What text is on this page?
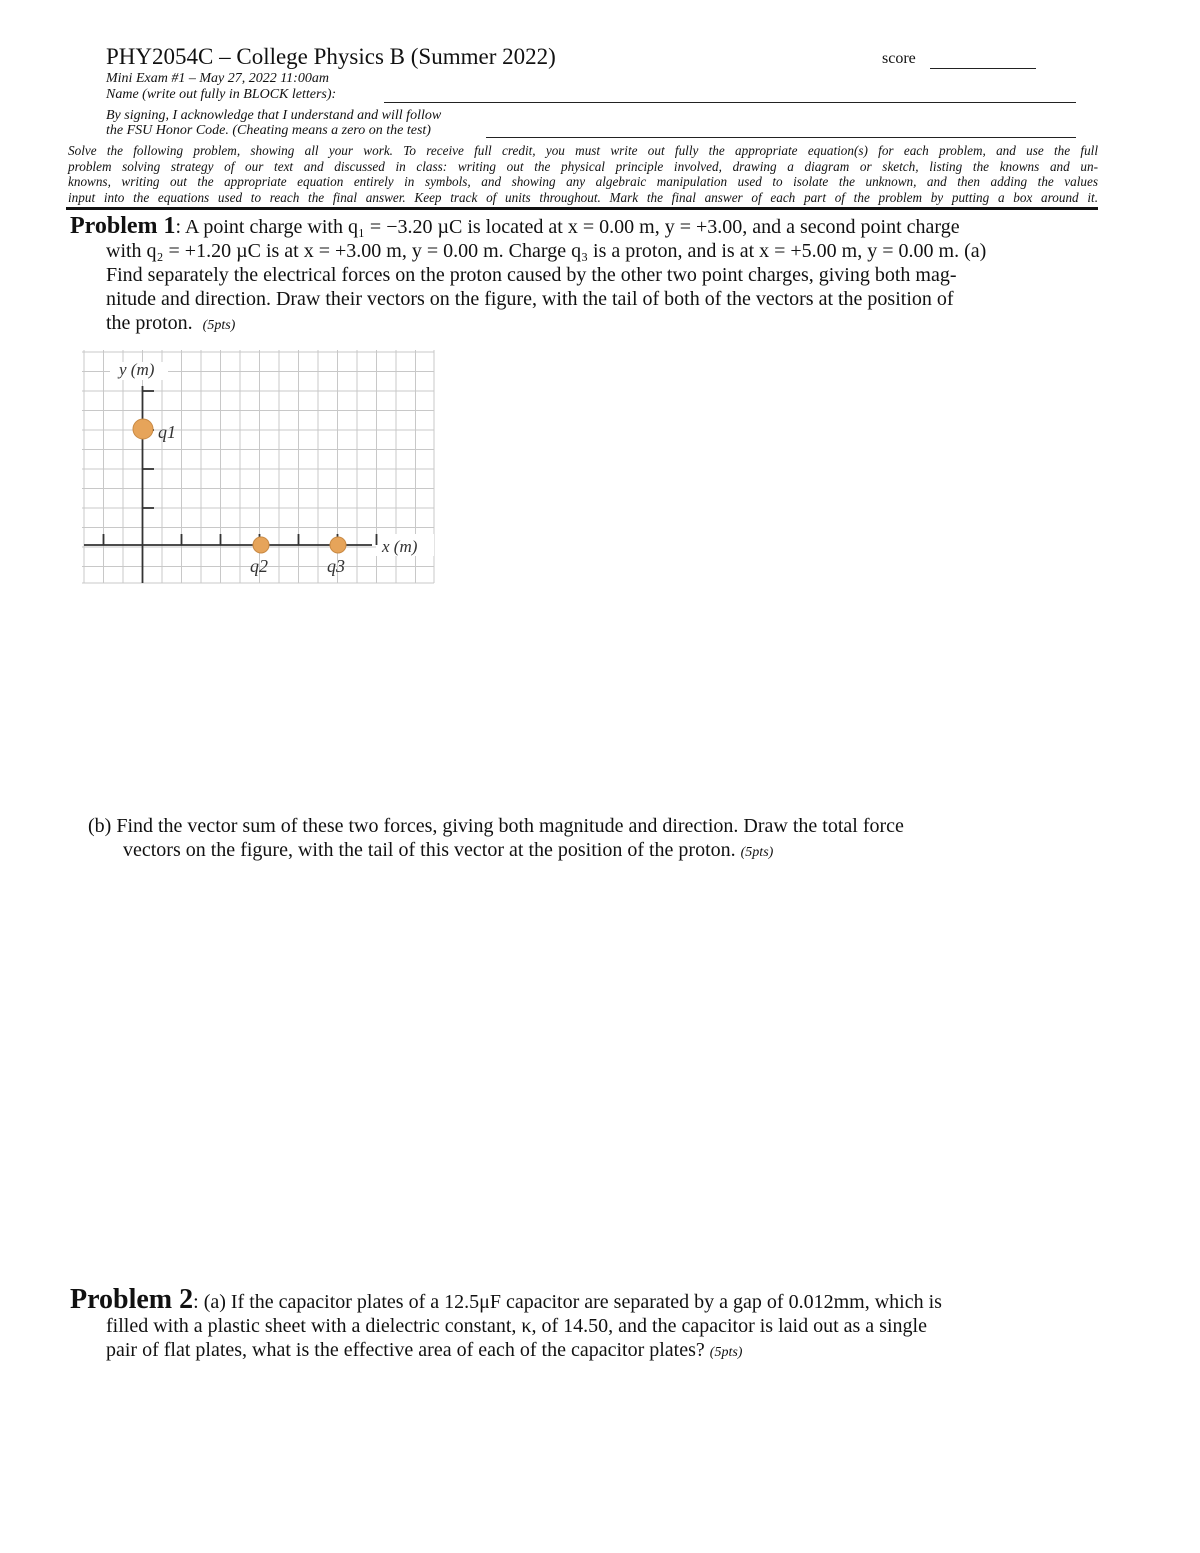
PHY2054C – College Physics B (Summer 2022)	score
Mini Exam #1 – May 27, 2022 11:00am
Name (write out fully in BLOCK letters):
By signing, I acknowledge that I understand and will follow
the FSU Honor Code. (Cheating means a zero on the test)
Solve the following problem, showing all your work. To receive full credit, you must write out fully the appropriate equation(s) for each problem, and use the full
problem solving strategy of our text and discussed in class: writing out the physical principle involved, drawing a diagram or sketch, listing the knowns and un-
knowns, writing out the appropriate equation entirely in symbols, and showing any algebraic manipulation used to isolate the unknown, and then adding the values
input into the equations used to reach the final answer. Keep track of units throughout. Mark the final answer of each part of the problem by putting a box around it.
Problem 1: A point charge with q₁ = −3.20 µC is located at x = 0.00 m, y = +3.00, and a second point charge
with q₂ = +1.20 µC is at x = +3.00 m, y = 0.00 m. Charge q₃ is a proton, and is at x = +5.00 m, y = 0.00 m. (a)
Find separately the electrical forces on the proton caused by the other two point charges, giving both mag-
nitude and direction. Draw their vectors on the figure, with the tail of both of the vectors at the position of
the proton. (5pts)
y (m)
x (m)
q1
q2	q3
(b) Find the vector sum of these two forces, giving both magnitude and direction. Draw the total force
vectors on the figure, with the tail of this vector at the position of the proton. (5pts)
Problem 2: (a) If the capacitor plates of a 12.5μF capacitor are separated by a gap of 0.012mm, which is
filled with a plastic sheet with a dielectric constant, κ, of 14.50, and the capacitor is laid out as a single
pair of flat plates, what is the effective area of each of the capacitor plates? (5pts)
